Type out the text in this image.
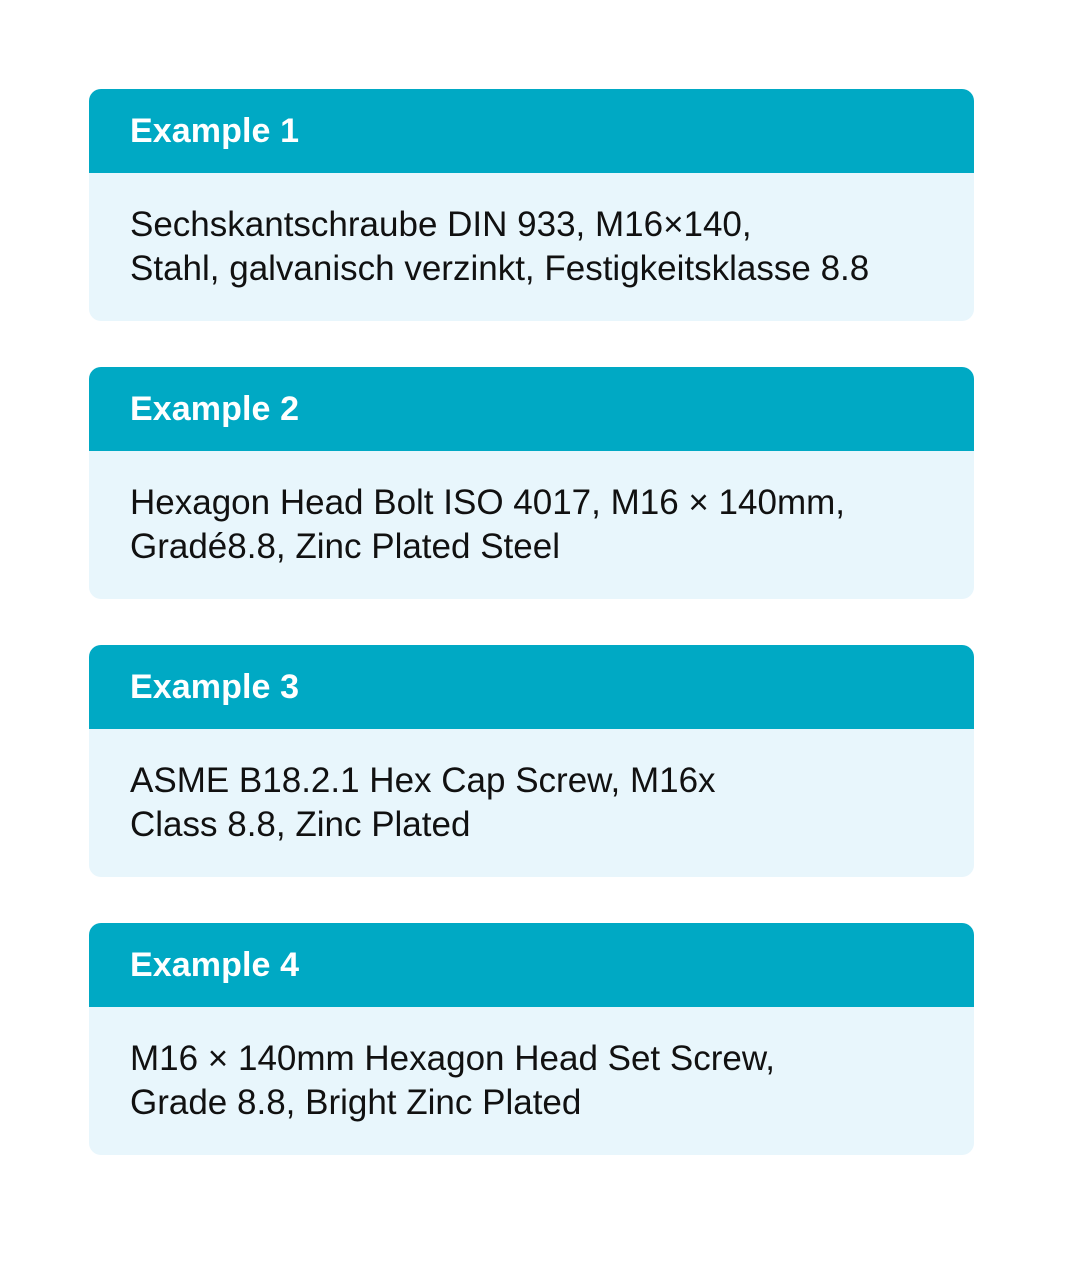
Example 1
Sechskantschraube DIN 933, M16×140,
Stahl, galvanisch verzinkt, Festigkeitsklasse 8.8
Example 2
Hexagon Head Bolt ISO 4017, M16 × 140mm,
Gradé8.8, Zinc Plated Steel
Example 3
ASME B18.2.1 Hex Cap Screw, M16x
Class 8.8, Zinc Plated
Example 4
M16 × 140mm Hexagon Head Set Screw,
Grade 8.8, Bright Zinc Plated
